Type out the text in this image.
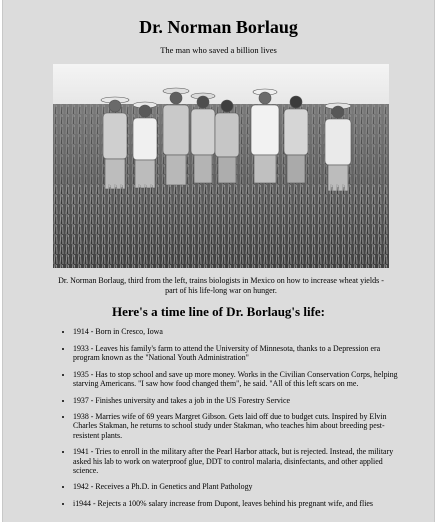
Dr. Norman Borlaug
The man who saved a billion lives
Dr. Norman Borlaug, third from the left, trains biologists in Mexico on how to increase wheat yields - part of his life-long war on hunger.
Here's a time line of Dr. Borlaug's life:
• 1914 - Born in Cresco, Iowa
• 1933 - Leaves his family's farm to attend the University of Minnesota, thanks to a Depression era program known as the "National Youth Administration"
• 1935 - Has to stop school and save up more money. Works in the Civilian Conservation Corps, helping starving Americans. "I saw how food changed them", he said. "All of this left scars on me.
• 1937 - Finishes university and takes a job in the US Forestry Service
• 1938 - Marries wife of 69 years Margret Gibson. Gets laid off due to budget cuts. Inspired by Elvin Charles Stakman, he returns to school study under Stakman, who teaches him about breeding pest-resistent plants.
• 1941 - Tries to enroll in the military after the Pearl Harbor attack, but is rejected. Instead, the military asked his lab to work on waterproof glue, DDT to control malaria, disinfectants, and other applied science.
• 1942 - Receives a Ph.D. in Genetics and Plant Pathology
• i1944 - Rejects a 100% salary increase from Dupont, leaves behind his pregnant wife, and flies
